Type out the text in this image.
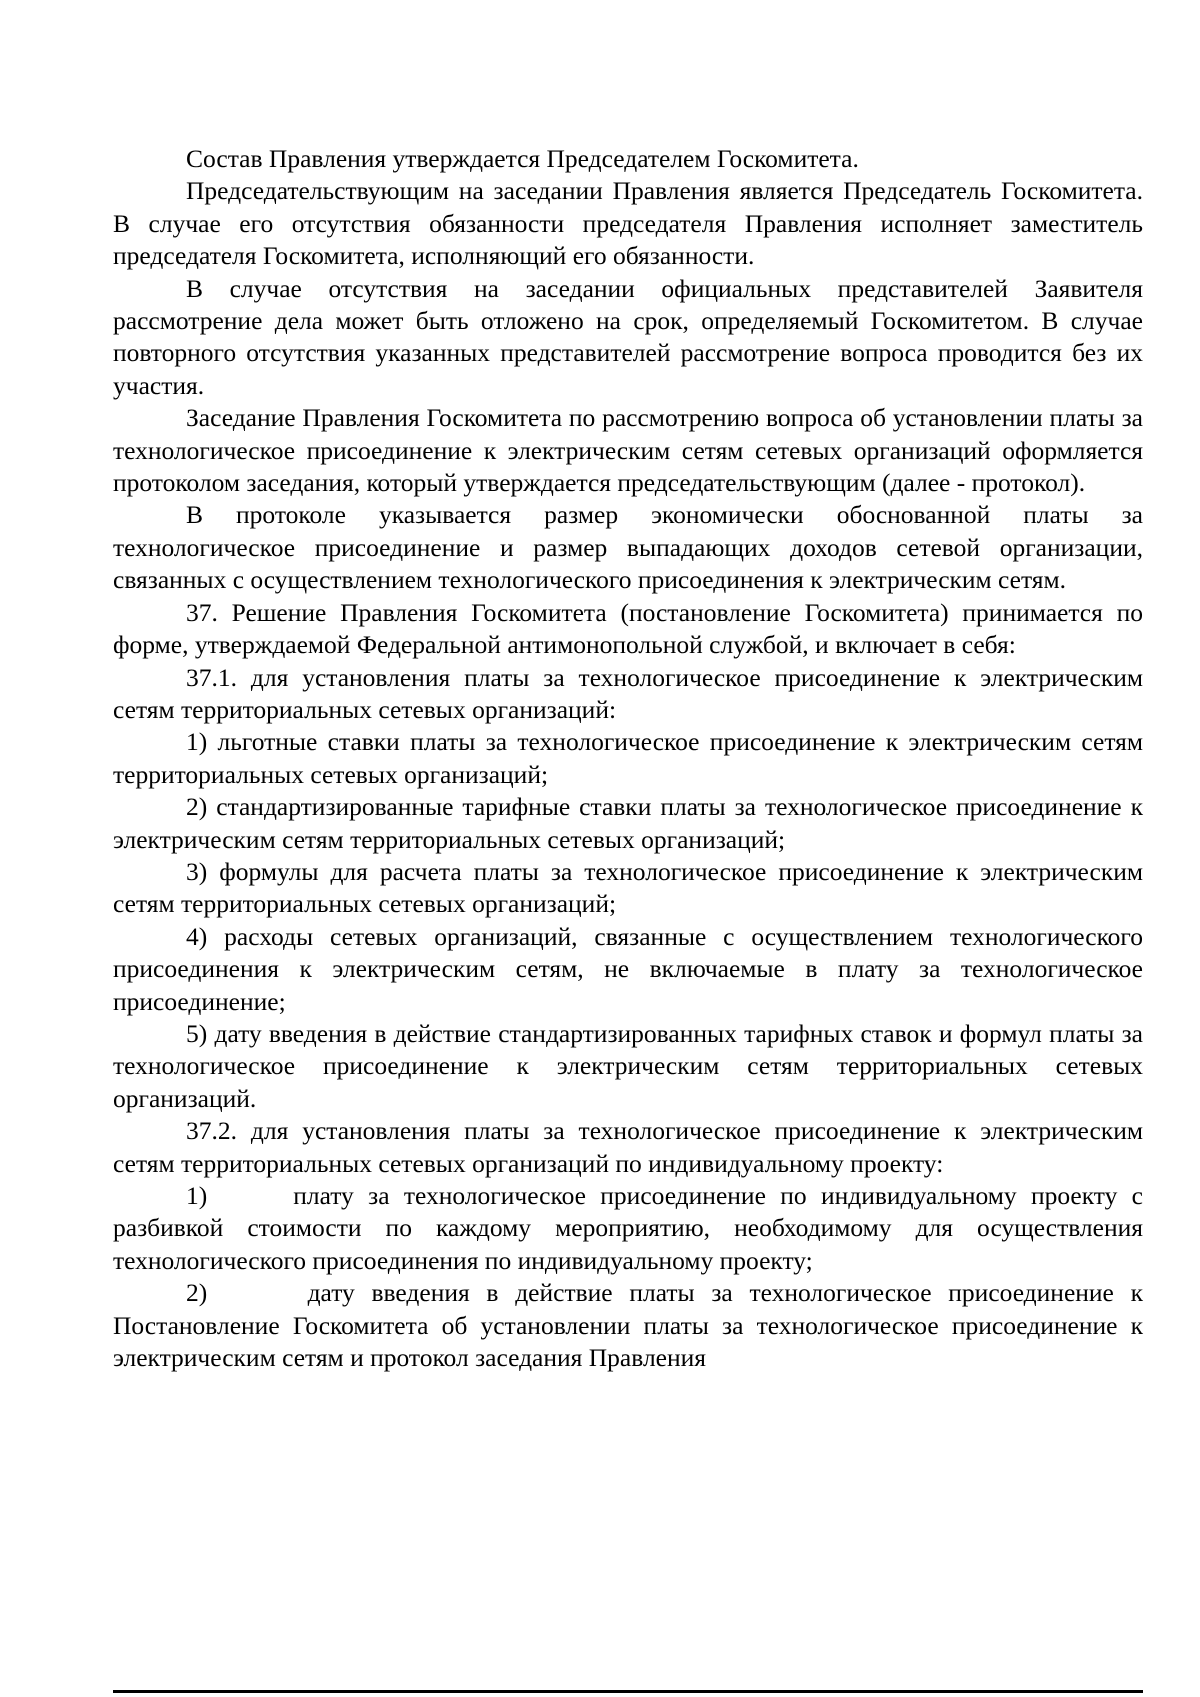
Состав Правления утверждается Председателем Госкомитета.

Председательствующим на заседании Правления является Председатель Госкомитета. В случае его отсутствия обязанности председателя Правления исполняет заместитель председателя Госкомитета, исполняющий его обязанности.

В случае отсутствия на заседании официальных представителей Заявителя рассмотрение дела может быть отложено на срок, определяемый Госкомитетом. В случае повторного отсутствия указанных представителей рассмотрение вопроса проводится без их участия.

Заседание Правления Госкомитета по рассмотрению вопроса об установлении платы за технологическое присоединение к электрическим сетям сетевых организаций оформляется протоколом заседания, который утверждается председательствующим (далее - протокол).

В протоколе указывается размер экономически обоснованной платы за технологическое присоединение и размер выпадающих доходов сетевой организации, связанных с осуществлением технологического присоединения к электрическим сетям.

37. Решение Правления Госкомитета (постановление Госкомитета) принимается по форме, утверждаемой Федеральной антимонопольной службой, и включает в себя:

37.1. для установления платы за технологическое присоединение к электрическим сетям территориальных сетевых организаций:

1) льготные ставки платы за технологическое присоединение к электрическим сетям территориальных сетевых организаций;

2) стандартизированные тарифные ставки платы за технологическое присоединение к электрическим сетям территориальных сетевых организаций;

3) формулы для расчета платы за технологическое присоединение к электрическим сетям территориальных сетевых организаций;

4) расходы сетевых организаций, связанные с осуществлением технологического присоединения к электрическим сетям, не включаемые в плату за технологическое присоединение;

5) дату введения в действие стандартизированных тарифных ставок и формул платы за технологическое присоединение к электрическим сетям территориальных сетевых организаций.

37.2. для установления платы за технологическое присоединение к электрическим сетям территориальных сетевых организаций по индивидуальному проекту:

1)      плату за технологическое присоединение по индивидуальному проекту с разбивкой стоимости по каждому мероприятию, необходимому для осуществления технологического присоединения по индивидуальному проекту;

2)      дату введения в действие платы за технологическое присоединение к Постановление Госкомитета об установлении платы за технологическое присоединение к электрическим сетям и протокол заседания Правления
